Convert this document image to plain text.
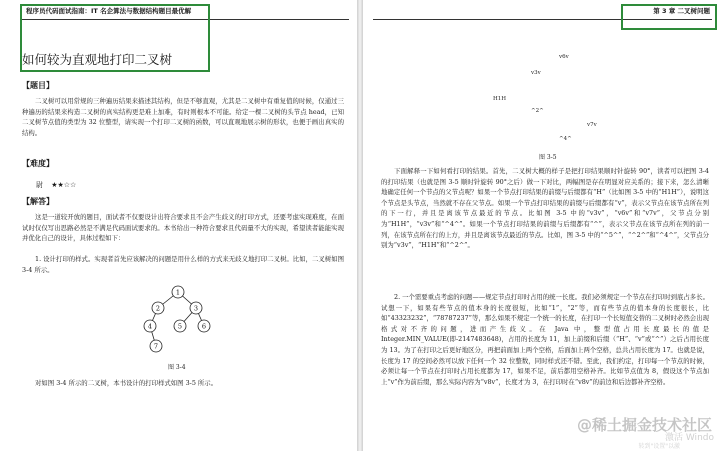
程序员代码面试指南：IT 名企算法与数据结构题目最优解
如何较为直观地打印二叉树
【题目】
二叉树可以用常规的三种遍历结果来描述其结构，但是不够直观，尤其是二叉树中有重复值的时候，仅通过三种遍历的结果来构造二叉树的真实结构更是难上加难，有时则根本不可能。给定一棵二叉树的头节点 head，已知二叉树节点值的类型为 32 位整型，请实现一个打印二叉树的函数，可以直观地展示树的形状，也便于画出真实的结构。
【难度】
尉 ★★☆☆
【解答】
这是一道较开放的题目，面试者不仅要设计出符合要求且不会产生歧义的打印方式，还要考虑实现难度，在面试时仅仅写出思路必然是不满足代码面试要求的。本书给出一种符合要求且代码量不大的实现，希望读者能能实现并优化自己的设计，具体过程如下：
1. 设计打印的样式。实现者首先应该解决的问题是用什么样的方式来无歧义地打印二叉树。比如，二叉树如图 3-4 所示。
1
2	3
4	5	6
7
图 3-4
对如图 3-4 所示的二叉树，本书设计的打印样式如图 3-5 所示。
第 3 章 二叉树问题
v6v
v3v
H1H
^2^
v7v
^4^
图 3-5
下面解释一下如何看打印的结果。首先，二叉树大概的样子是把打印结果顺时针旋转 90°，读者可以把图 3-4 的打印结果（也就是图 3-5 顺时针旋转 90°之后）做一下对比，两幅图是存在明显对应关系的；接下来，怎么清晰地确定任何一个节点的父节点呢？如果一个节点打印结果的前缀与后缀都有“H”（比如图 3-5 中的“H1H”），说明这个节点是头节点，当然就不存在父节点。如果一个节点打印结果的前缀与后缀都有“v”，表示父节点在该节点所在列的下一行，并且是离该节点最近的节点。比如图 3-5 中的“v3v”，“v6v”和“v7v”，父节点分别为“H1H”，“v3v”和“^4^”。如果一个节点打印结果的前缀与后缀都有“^”，表示父节点在该节点所在列的前一列，在该节点所在行的上方，并且是离该节点最近的节点。比如，图 3-5 中的“^5^”，“^2^”和“^4^”，父节点分别为“v3v”，“H1H”和“^2^”。
2. 一个需要重点考虑的问题——规定节点打印时占用的统一长度。我们必须规定一个节点在打印时到底占多长。试想一下，如果有些节点的值本身的长度很短，比如“1”，“2”等，而有些节点的值本身的长度很长，比如“43323232”，“78787237”等，那么如果不规定一个统一的长度，在打印一个长短值交替的二叉树时必然会出现格式对不齐的问题，进而产生歧义。在 Java 中，整型值占用长度最长的值是 Integer.MIN_VALUE(即-2147483648)，占用的长度为 11，加上前缀和后缀（“H”、“v”或“^”）之后占用长度为 13。为了在打印之后更好地区分，再把前面加上两个空格，后面加上两个空格，总共占用长度为 17。也就是说，长度为 17 的空间必然可以放下任何一个 32 位整数，同时样式还不错。至此，我们约定，打印每一个节点的时候，必须让每一个节点在打印时占用长度都为 17，如果不足，前后都用空格补齐。比如节点值为 8，假设这个节点加上“v”作为前后缀，那么实际内容为“v8v”，长度才为 3，在打印时在“v8v”的前边和后边都补齐空格。
@稀土掘金技术社区
激活 Windo
转到"设置"以激
